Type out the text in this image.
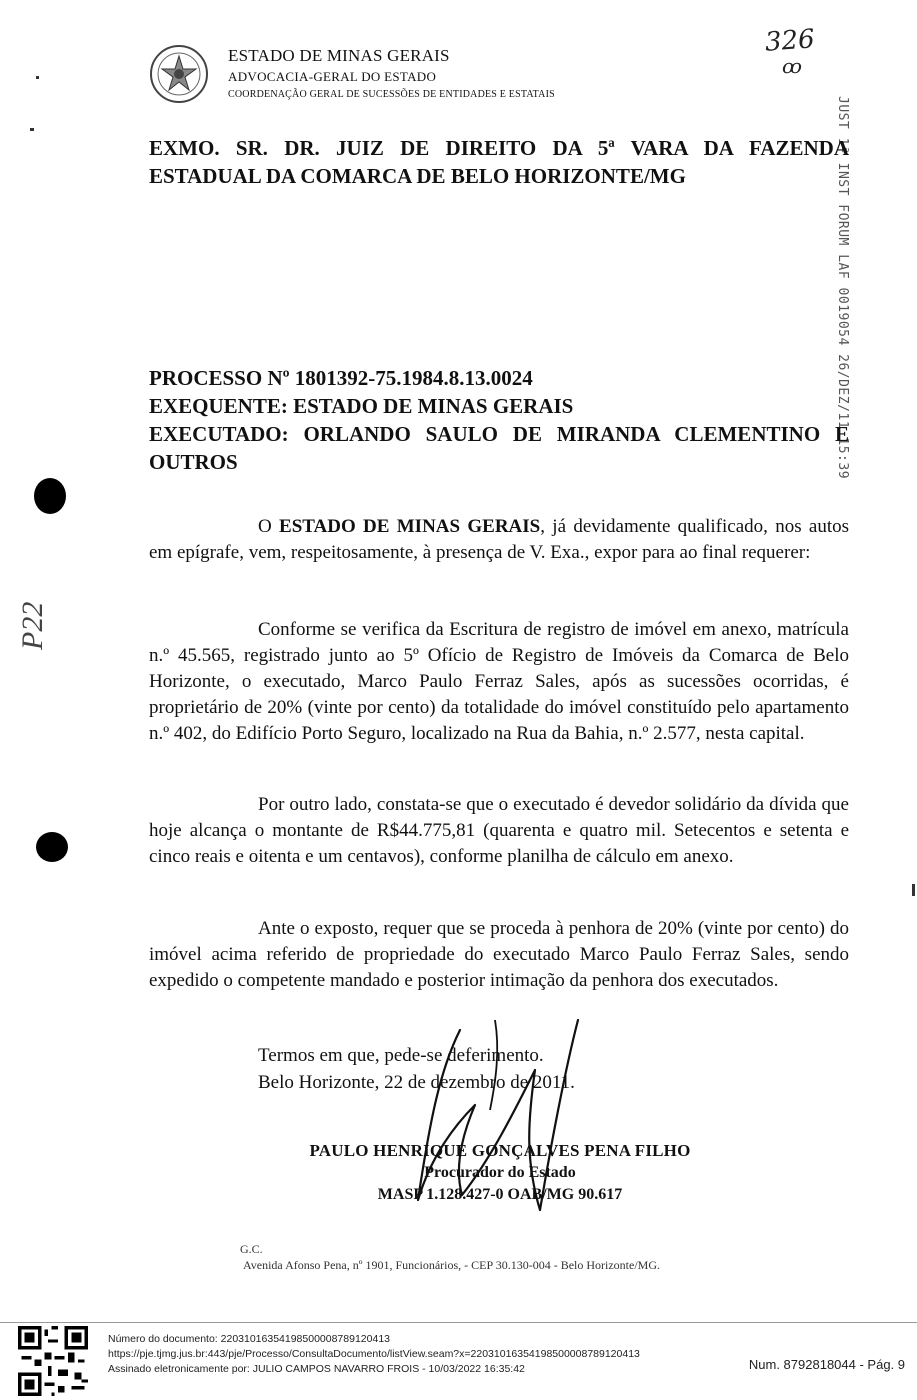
ESTADO DE MINAS GERAIS
ADVOCACIA-GERAL DO ESTADO
COORDENAÇÃO GERAL DE SUCESSÕES DE ENTIDADES E ESTATAIS
326
ꝏ
P22
JUST 1ª INST FORUM LAF 0019054 26/DEZ/11 15:39
EXMO. SR. DR. JUIZ DE DIREITO DA 5ª VARA DA FAZENDA
ESTADUAL DA COMARCA DE BELO HORIZONTE/MG
PROCESSO Nº 1801392-75.1984.8.13.0024
EXEQUENTE: ESTADO DE MINAS GERAIS
EXECUTADO: ORLANDO SAULO DE MIRANDA CLEMENTINO E
OUTROS

O ESTADO DE MINAS GERAIS, já devidamente qualificado, nos autos em epígrafe, vem, respeitosamente, à presença de V. Exa., expor para ao final requerer:

Conforme se verifica da Escritura de registro de imóvel em anexo, matrícula n.º 45.565, registrado junto ao 5º Ofício de Registro de Imóveis da Comarca de Belo Horizonte, o executado, Marco Paulo Ferraz Sales, após as sucessões ocorridas, é proprietário de 20% (vinte por cento) da totalidade do imóvel constituído pelo apartamento n.º 402, do Edifício Porto Seguro, localizado na Rua da Bahia, n.º 2.577, nesta capital.

Por outro lado, constata-se que o executado é devedor solidário da dívida que hoje alcança o montante de R$44.775,81 (quarenta e quatro mil. Setecentos e setenta e cinco reais e oitenta e um centavos), conforme planilha de cálculo em anexo.

Ante o exposto, requer que se proceda à penhora de 20% (vinte por cento) do imóvel acima referido de propriedade do executado Marco Paulo Ferraz Sales, sendo expedido o competente mandado e posterior intimação da penhora dos executados.

Termos em que, pede-se deferimento.
Belo Horizonte, 22 de dezembro de 2011.
PAULO HENRIQUE GONÇALVES PENA FILHO
Procurador do Estado
MASP 1.128.427-0 OAB/MG 90.617
G.C.
Avenida Afonso Pena, nº 1901, Funcionários, - CEP 30.130-004 - Belo Horizonte/MG.
Número do documento: 22031016354198500008789120413
https://pje.tjmg.jus.br:443/pje/Processo/ConsultaDocumento/listView.seam?x=22031016354198500008789120413
Assinado eletronicamente por: JULIO CAMPOS NAVARRO FROIS - 10/03/2022 16:35:42	Num. 8792818044 - Pág. 9
